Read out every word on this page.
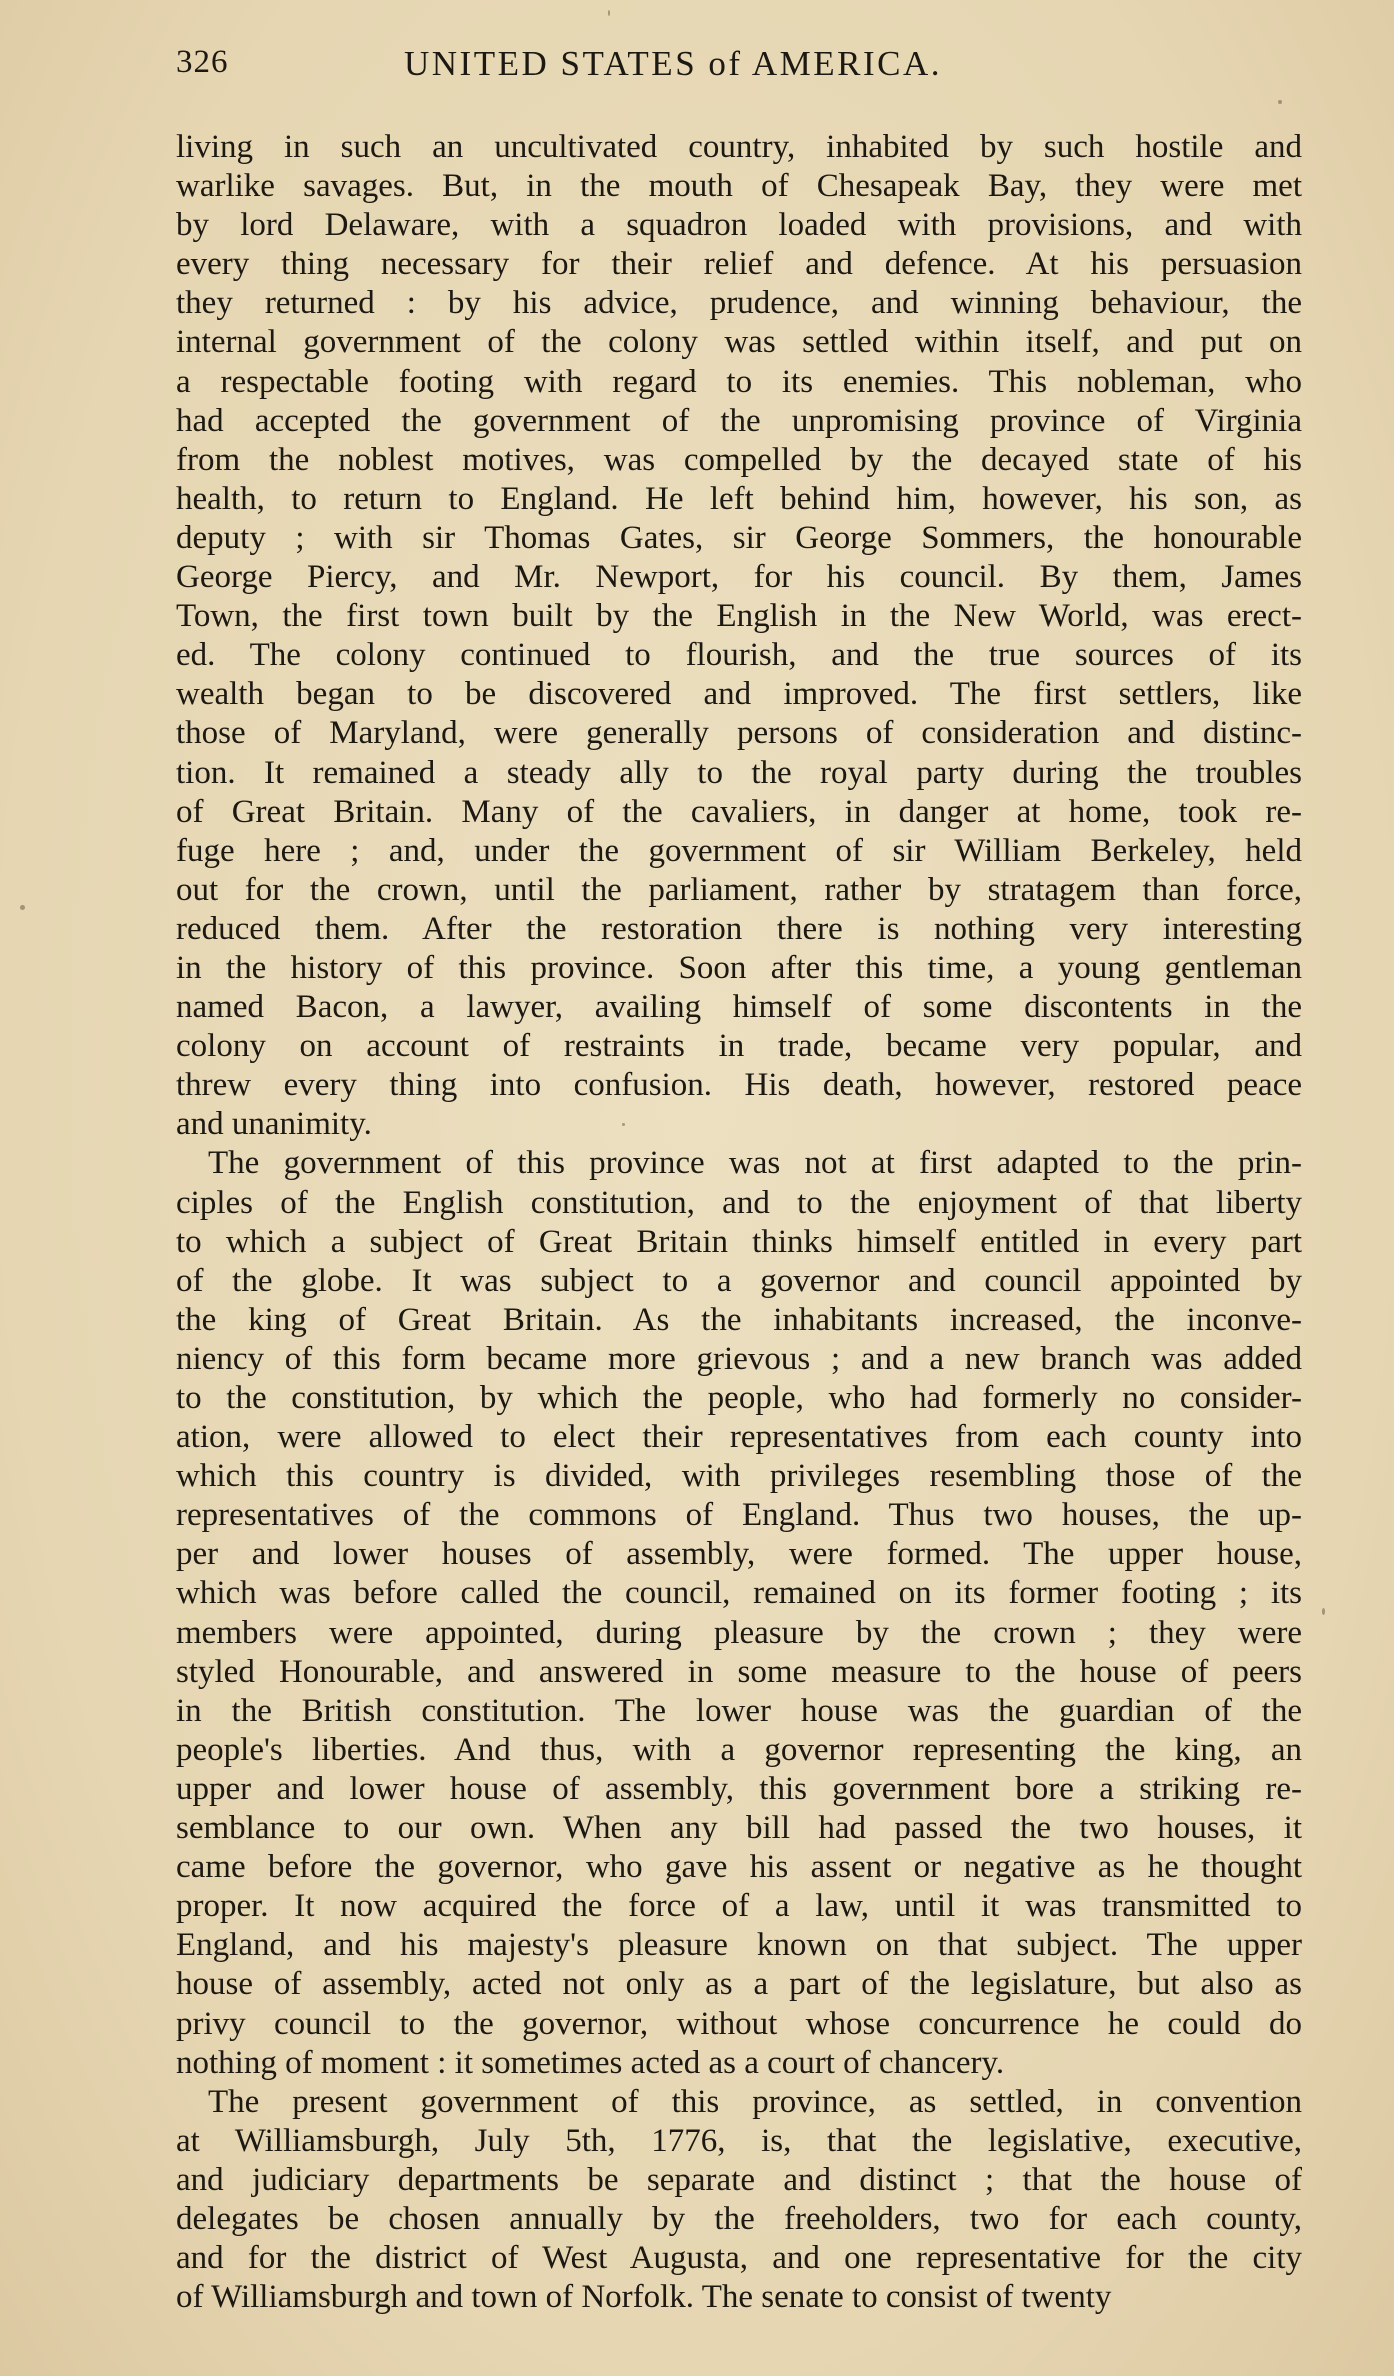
326	UNITED STATES of AMERICA.
living in such an uncultivated country, inhabited by such hostile and
warlike savages. But, in the mouth of Chesapeak Bay, they were met
by lord Delaware, with a squadron loaded with provisions, and with
every thing necessary for their relief and defence. At his persuasion
they returned : by his advice, prudence, and winning behaviour, the
internal government of the colony was settled within itself, and put on
a respectable footing with regard to its enemies. This nobleman, who
had accepted the government of the unpromising province of Virginia
from the noblest motives, was compelled by the decayed state of his
health, to return to England. He left behind him, however, his son, as
deputy ; with sir Thomas Gates, sir George Sommers, the honourable
George Piercy, and Mr. Newport, for his council. By them, James
Town, the first town built by the English in the New World, was erect-
ed. The colony continued to flourish, and the true sources of its
wealth began to be discovered and improved. The first settlers, like
those of Maryland, were generally persons of consideration and distinc-
tion. It remained a steady ally to the royal party during the troubles
of Great Britain. Many of the cavaliers, in danger at home, took re-
fuge here ; and, under the government of sir William Berkeley, held
out for the crown, until the parliament, rather by stratagem than force,
reduced them. After the restoration there is nothing very interesting
in the history of this province. Soon after this time, a young gentleman
named Bacon, a lawyer, availing himself of some discontents in the
colony on account of restraints in trade, became very popular, and
threw every thing into confusion. His death, however, restored peace
and unanimity.
The government of this province was not at first adapted to the prin-
ciples of the English constitution, and to the enjoyment of that liberty
to which a subject of Great Britain thinks himself entitled in every part
of the globe. It was subject to a governor and council appointed by
the king of Great Britain. As the inhabitants increased, the inconve-
niency of this form became more grievous ; and a new branch was added
to the constitution, by which the people, who had formerly no consider-
ation, were allowed to elect their representatives from each county into
which this country is divided, with privileges resembling those of the
representatives of the commons of England. Thus two houses, the up-
per and lower houses of assembly, were formed. The upper house,
which was before called the council, remained on its former footing ; its
members were appointed, during pleasure by the crown ; they were
styled Honourable, and answered in some measure to the house of peers
in the British constitution. The lower house was the guardian of the
people's liberties. And thus, with a governor representing the king, an
upper and lower house of assembly, this government bore a striking re-
semblance to our own. When any bill had passed the two houses, it
came before the governor, who gave his assent or negative as he thought
proper. It now acquired the force of a law, until it was transmitted to
England, and his majesty's pleasure known on that subject. The upper
house of assembly, acted not only as a part of the legislature, but also as
privy council to the governor, without whose concurrence he could do
nothing of moment : it sometimes acted as a court of chancery.
The present government of this province, as settled, in convention
at Williamsburgh, July 5th, 1776, is, that the legislative, executive,
and judiciary departments be separate and distinct ; that the house of
delegates be chosen annually by the freeholders, two for each county,
and for the district of West Augusta, and one representative for the city
of Williamsburgh and town of Norfolk. The senate to consist of twenty
